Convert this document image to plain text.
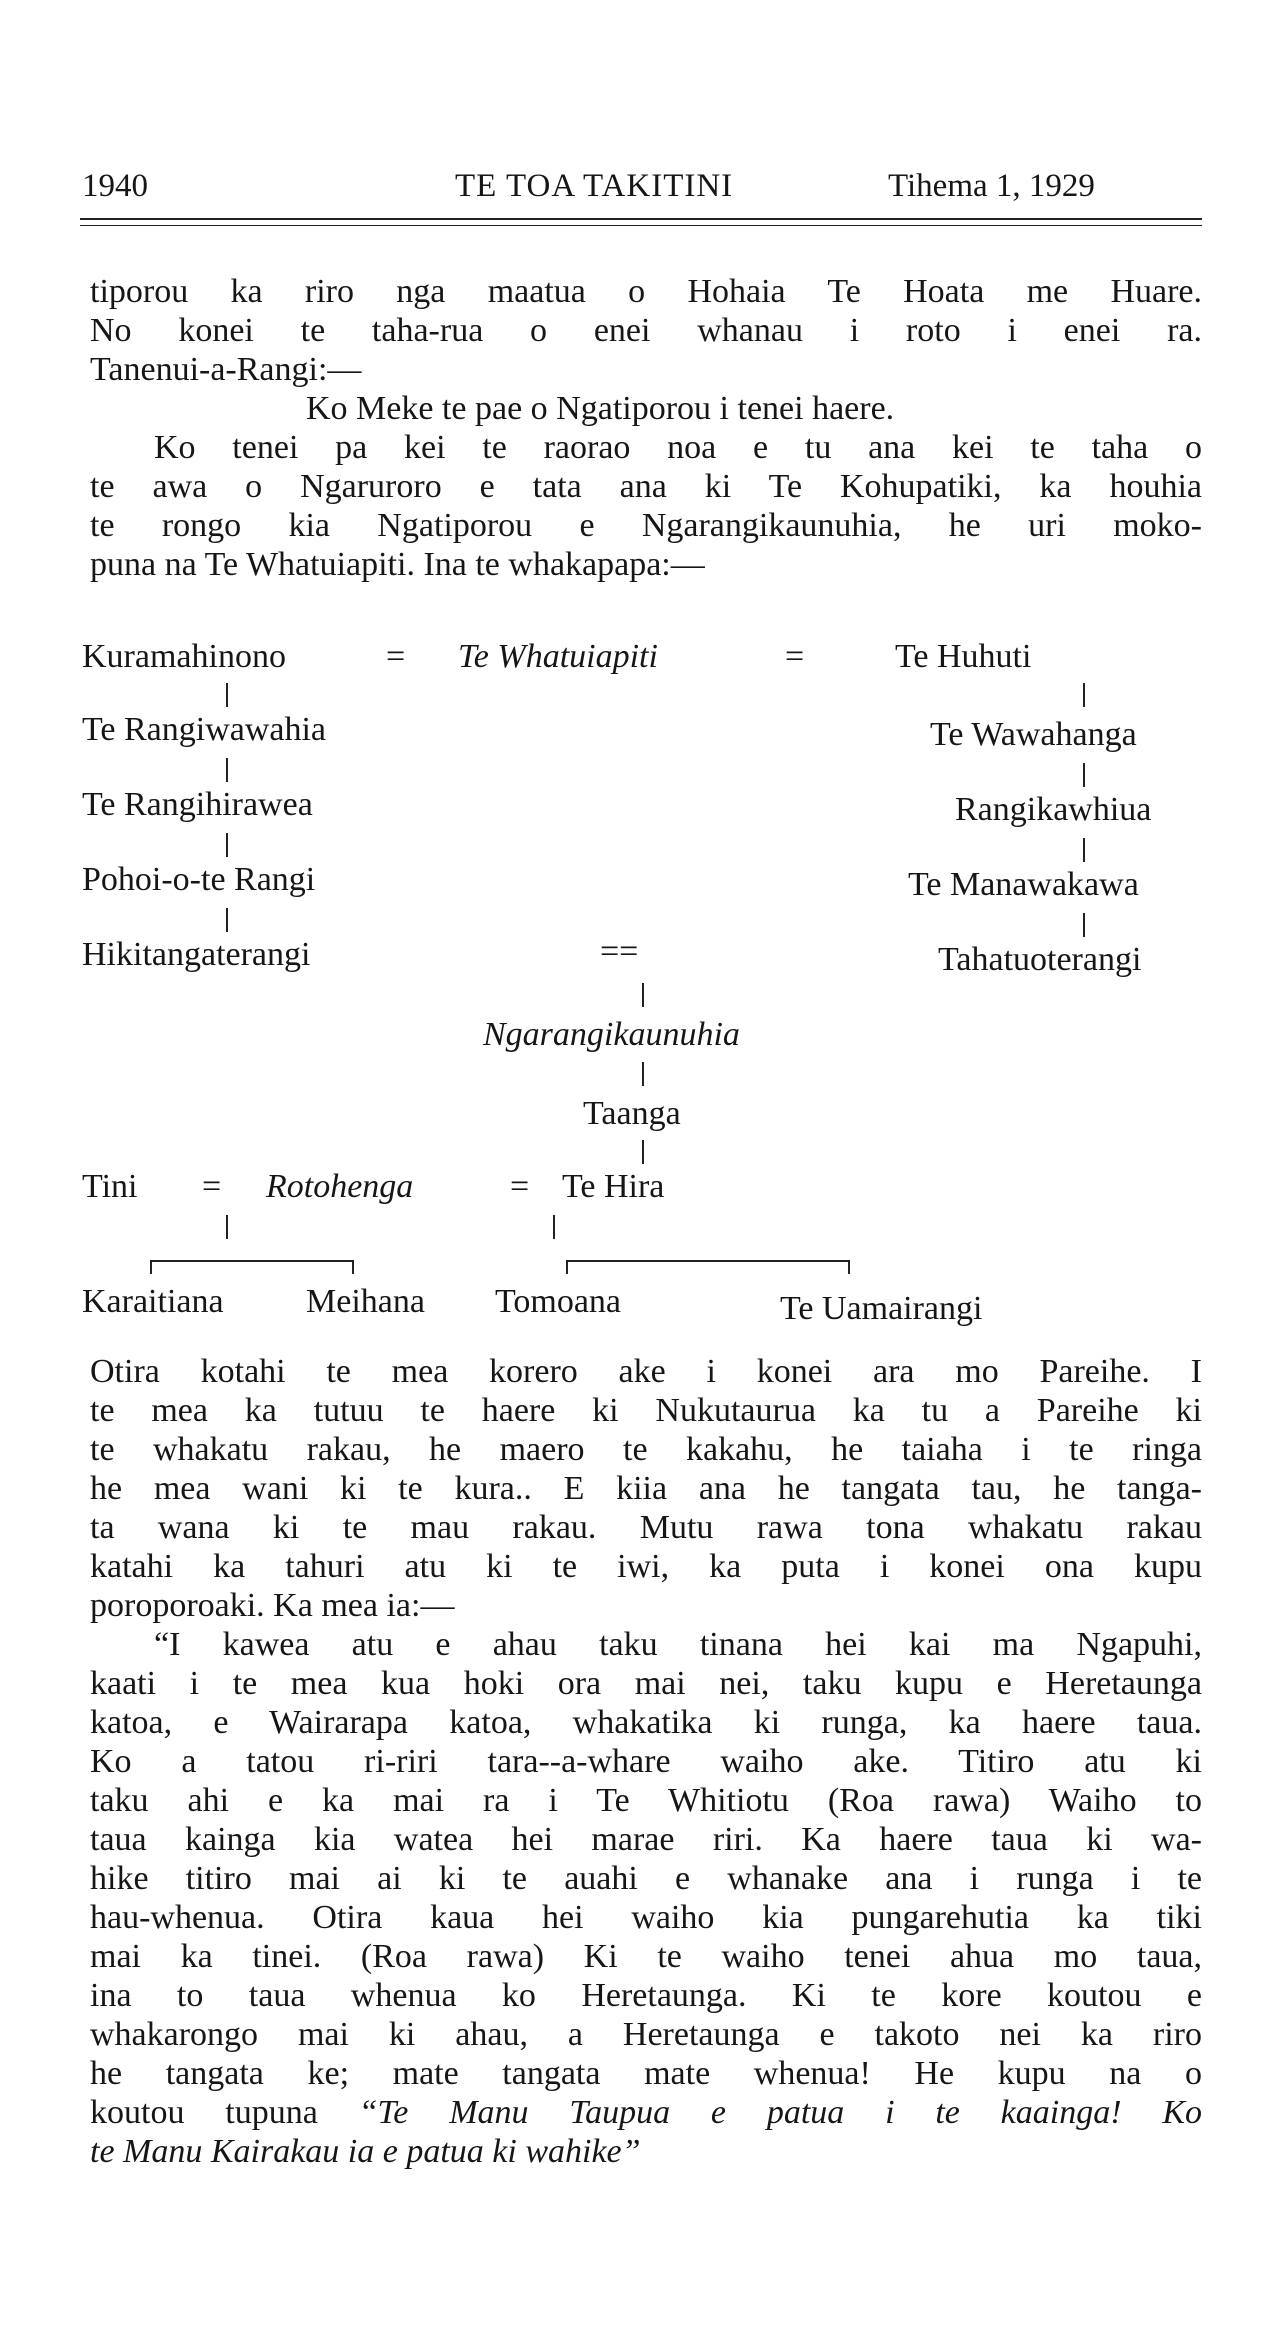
1940	TE TOA TAKITINI	Tihema 1, 1929
tiporou ka riro nga maatua o Hohaia Te Hoata me Huare.
No konei te taha-rua o enei whanau i roto i enei ra.
Tanenui-a-Rangi:—
Ko Meke te pae o Ngatiporou i tenei haere.
Ko tenei pa kei te raorao noa e tu ana kei te taha o
te awa o Ngaruroro e tata ana ki Te Kohupatiki, ka houhia
te rongo kia Ngatiporou e Ngarangikaunuhia, he uri moko-
puna na Te Whatuiapiti. Ina te whakapapa:—
Kuramahinono	= Te Whatuiapiti	=	Te Huhuti
Te Rangiwawahia
Te Rangihirawea
Pohoi-o-te Rangi
Hikitangaterangi
Te Wawahanga
Rangikawhiua
Te Manawakawa
Tahatuoterangi
==
Ngarangikaunuhia
Taanga
Tini = Rotohenga	= Te Hira
Karaitiana Meihana Tomoana	Te Uamairangi
Otira kotahi te mea korero ake i konei ara mo Pareihe. I
te mea ka tutuu te haere ki Nukutaurua ka tu a Pareihe ki
te whakatu rakau, he maero te kakahu, he taiaha i te ringa
he mea wani ki te kura.. E kiia ana he tangata tau, he tanga-
ta wana ki te mau rakau. Mutu rawa tona whakatu rakau
katahi ka tahuri atu ki te iwi, ka puta i konei ona kupu
poroporoaki. Ka mea ia:—
“I kawea atu e ahau taku tinana hei kai ma Ngapuhi,
kaati i te mea kua hoki ora mai nei, taku kupu e Heretaunga
katoa, e Wairarapa katoa, whakatika ki runga, ka haere taua.
Ko a tatou ri-riri tara--a-whare waiho ake. Titiro atu ki
taku ahi e ka mai ra i Te Whitiotu (Roa rawa) Waiho to
taua kainga kia watea hei marae riri. Ka haere taua ki wa-
hike titiro mai ai ki te auahi e whanake ana i runga i te
hau-whenua. Otira kaua hei waiho kia pungarehutia ka tiki
mai ka tinei. (Roa rawa) Ki te waiho tenei ahua mo taua,
ina to taua whenua ko Heretaunga. Ki te kore koutou e
whakarongo mai ki ahau, a Heretaunga e takoto nei ka riro
he tangata ke; mate tangata mate whenua! He kupu na o
koutou tupuna “Te Manu Taupua e patua i te kaainga! Ko
te Manu Kairakau ia e patua ki wahike”
